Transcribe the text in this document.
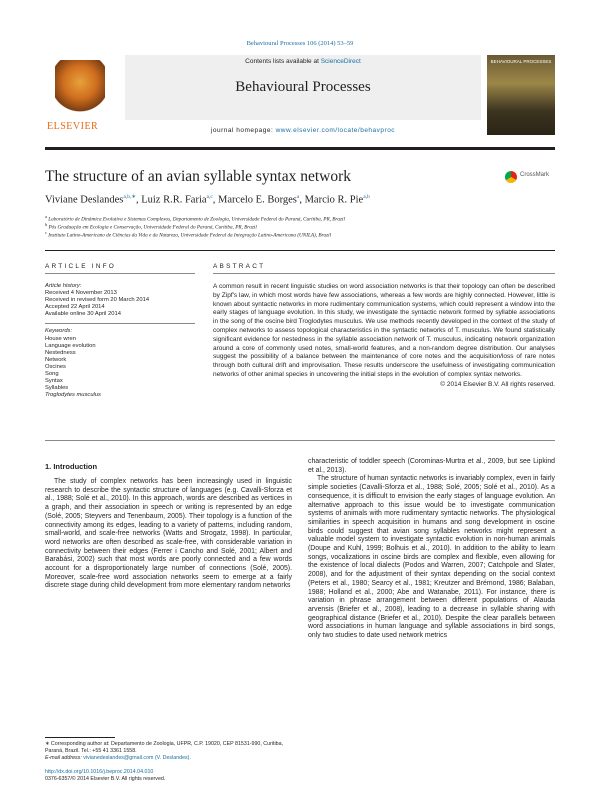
Behavioural Processes 106 (2014) 53–59
ELSEVIER
Contents lists available at ScienceDirect
Behavioural Processes
journal homepage: www.elsevier.com/locate/behavproc
BEHAVIOURAL PROCESSES
The structure of an avian syllable syntax network	CrossMark
Viviane Deslandes$^{a,b,∗}$, Luiz R.R. Faria$^{a,c}$, Marcelo E. Borges$^a$, Marcio R. Pie$^{a,b}$
$^a$ Laboratório de Dinâmica Evolutiva e Sistemas Complexos, Departamento de Zoologia, Universidade Federal do Paraná, Curitiba, PR, Brazil
$^b$ Pós Graduação em Ecologia e Conservação, Universidade Federal do Paraná, Curitiba, PR, Brazil
$^c$ Instituto Latino-Americano de Ciências da Vida e da Natureza, Universidade Federal da Integração Latino-Americana (UNILA), Brazil
ARTICLE INFO	ABSTRACT
Article history:
Received 4 November 2013
Received in revised form 20 March 2014
Accepted 22 April 2014
Available online 30 April 2014
Keywords:
House wren
Language evolution
Nestedness
Network
Oscines
Song
Syntax
Syllables
Troglodytes musculus
A common result in recent linguistic studies on word association networks is that their topology can often be described by Zipf's law, in which most words have few associations, whereas a few words are highly connected. However, little is known about syntactic networks in more rudimentary communication systems, which could represent a window into the early stages of language evolution. In this study, we investigate the syntactic network formed by syllable associations in the song of the oscine bird Troglodytes musculus. We use methods recently developed in the context of the study of complex networks to assess topological characteristics in the syntactic networks of T. musculus. We found statistically significant evidence for nestedness in the syllable association network of T. musculus, indicating network organization around a core of commonly used notes, small-world features, and a non-random degree distribution. Our analyses suggest the possibility of a balance between the maintenance of core notes and the acquisition/loss of rare notes through both cultural drift and improvisation. These results underscore the usefulness of investigating communication networks of other animal species in uncovering the initial steps in the evolution of complex syntax networks.
© 2014 Elsevier B.V. All rights reserved.
1. Introduction

The study of complex networks has been increasingly used in linguistic research to describe the syntactic structure of languages (e.g. Cavalli-Sforza et al., 1988; Solé et al., 2010). In this approach, words are described as vertices in a graph, and their association in speech or writing is represented by an edge (Solé, 2005; Steyvers and Tenenbaum, 2005). Their topology is a function of the connectivity among its edges, leading to a variety of patterns, including random, small-world, and scale-free networks (Watts and Strogatz, 1998). In particular, word networks are often described as scale-free, with considerable variation in connectivity between their edges (Ferrer i Cancho and Solé, 2001; Albert and Barabási, 2002) such that most words are poorly connected and a few words account for a disproportionately large number of connections (Solé, 2005). Moreover, scale-free word association networks seem to emerge at a fairly discrete stage during child development from more elementary random networks

characteristic of toddler speech (Corominas-Murtra et al., 2009, but see Lipkind et al., 2013).

The structure of human syntactic networks is invariably complex, even in fairly simple societies (Cavalli-Sforza et al., 1988; Solé, 2005; Solé et al., 2010). As a consequence, it is difficult to envision the early stages of language evolution. An alternative approach to this issue would be to investigate communication systems of animals with more rudimentary syntactic networks. The physiological similarities in speech acquisition in humans and song development in oscine birds could suggest that avian song syllables networks might represent a valuable model system to investigate syntactic evolution in non-human animals (Doupe and Kuhl, 1999; Bolhuis et al., 2010). In addition to the ability to learn songs, vocalizations in oscine birds are complex and flexible, even allowing for the existence of local dialects (Podos and Warren, 2007; Catchpole and Slater, 2008), and for the adjustment of their syntax depending on the social context (Peters et al., 1980; Searcy et al., 1981; Kreutzer and Brémond, 1986; Balaban, 1988; Holland et al., 2000; Abe and Watanabe, 2011). For instance, there is variation in phrase arrangement between different populations of Alauda arvensis (Briefer et al., 2008), leading to a decrease in syllable sharing with geographical distance (Briefer et al., 2010). Despite the clear parallels between word associations in human language and syllable associations in bird songs, only two studies to date used network metrics

∗ Corresponding author at: Departamento de Zoologia, UFPR, C.P. 19020, CEP 81531-990, Curitiba, Paraná, Brazil. Tel.: +55 41 3361 1558.
E-mail address: vivianedeslandes@gmail.com (V. Deslandes).
http://dx.doi.org/10.1016/j.beproc.2014.04.010
0376-6357/© 2014 Elsevier B.V. All rights reserved.
